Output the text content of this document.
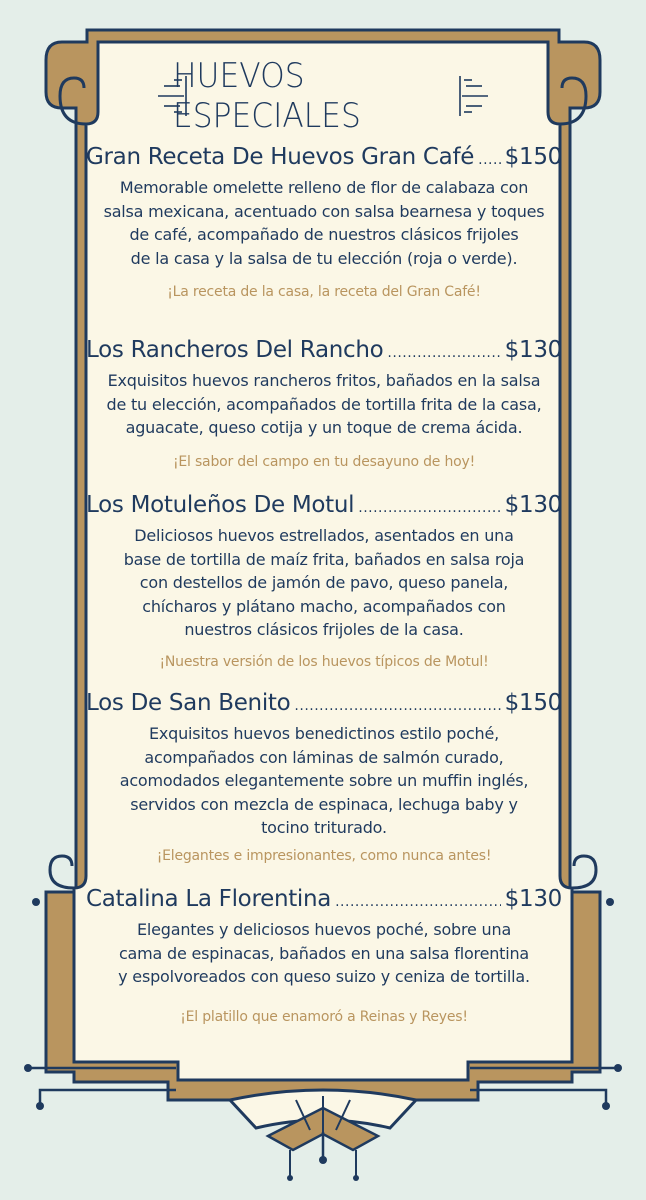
HUEVOS ESPECIALES
Gran Receta De Huevos Gran Café ..... $150
Memorable omelette relleno de flor de calabaza con
salsa mexicana, acentuado con salsa bearnesa y toques
de café, acompañado de nuestros clásicos frijoles
de la casa y la salsa de tu elección (roja o verde).
¡La receta de la casa, la receta del Gran Café!
Los Rancheros Del Rancho .....	$130
Exquisitos huevos rancheros fritos, bañados en la salsa
de tu elección, acompañados de tortilla frita de la casa,
aguacate, queso cotija y un toque de crema ácida.
¡El sabor del campo en tu desayuno de hoy!
Los Motuleños De Motul .....	$130
Deliciosos huevos estrellados, asentados en una
base de tortilla de maíz frita, bañados en salsa roja
con destellos de jamón de pavo, queso panela,
chícharos y plátano macho, acompañados con
nuestros clásicos frijoles de la casa.
¡Nuestra versión de los huevos típicos de Motul!
Los De San Benito .....	$150
Exquisitos huevos benedictinos estilo poché,
acompañados con láminas de salmón curado,
acomodados elegantemente sobre un muffin inglés,
servidos con mezcla de espinaca, lechuga baby y
tocino triturado.
¡Elegantes e impresionantes, como nunca antes!
Catalina La Florentina .....	$130
Elegantes y deliciosos huevos poché, sobre una
cama de espinacas, bañados en una salsa florentina
y espolvoreados con queso suizo y ceniza de tortilla.
¡El platillo que enamoró a Reinas y Reyes!
